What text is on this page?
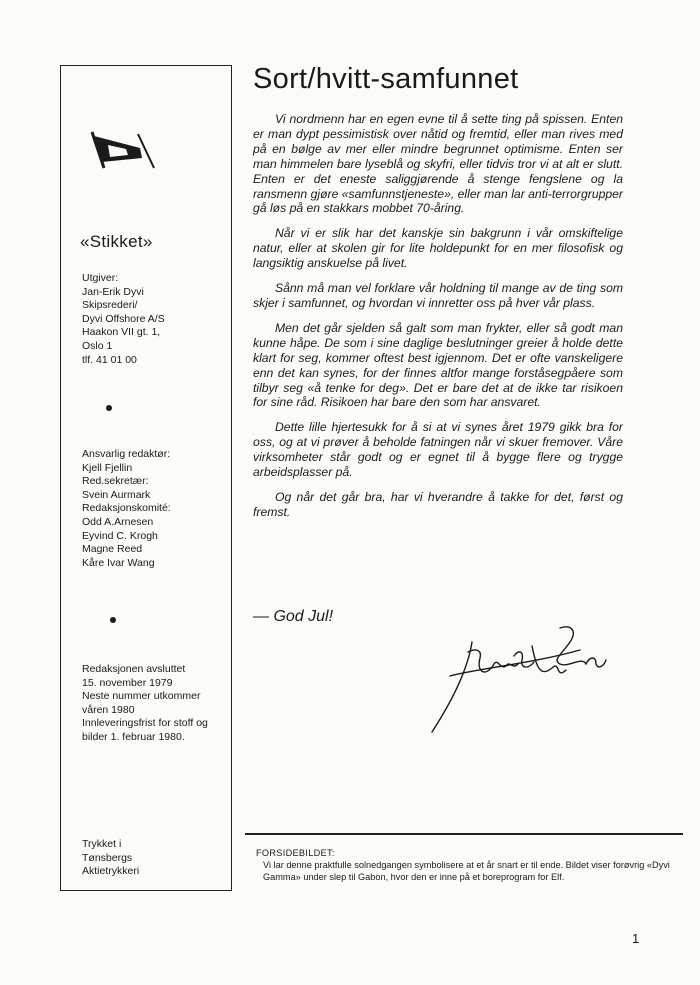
«Stikket»
Utgiver:
Jan-Erik Dyvi
Skipsrederi/
Dyvi Offshore A/S
Haakon VII gt. 1,
Oslo 1
tlf. 41 01 00
Ansvarlig redaktør:
Kjell Fjellin
Red.sekretær:
Svein Aurmark
Redaksjonskomité:
Odd A.Arnesen
Eyvind C. Krogh
Magne Reed
Kåre Ivar Wang
Redaksjonen avsluttet
15. november 1979
Neste nummer utkommer
våren 1980
Innleveringsfrist for stoff og
bilder 1. februar 1980.
Trykket i
Tønsbergs
Aktietrykkeri
Sort/hvitt-samfunnet

Vi nordmenn har en egen evne til å sette ting på spissen. Enten er man dypt pessimistisk over nåtid og fremtid, eller man rives med på en bølge av mer eller mindre begrunnet optimisme. Enten ser man himmelen bare lyseblå og skyfri, eller tidvis tror vi at alt er slutt. Enten er det eneste saliggjørende å stenge fengslene og la ransmenn gjøre «samfunnstjeneste», eller man lar anti-terrorgrupper gå løs på en stakkars mobbet 70-åring.

Når vi er slik har det kanskje sin bakgrunn i vår omskiftelige natur, eller at skolen gir for lite holdepunkt for en mer filosofisk og langsiktig anskuelse på livet.

Sånn må man vel forklare vår holdning til mange av de ting som skjer i samfunnet, og hvordan vi innretter oss på hver vår plass.

Men det går sjelden så galt som man frykter, eller så godt man kunne håpe. De som i sine daglige beslutninger greier å holde dette klart for seg, kommer oftest best igjennom. Det er ofte vanskeligere enn det kan synes, for der finnes altfor mange forståsegpåere som tilbyr seg «å tenke for deg». Det er bare det at de ikke tar risikoen for sine råd. Risikoen har bare den som har ansvaret.

Dette lille hjertesukk for å si at vi synes året 1979 gikk bra for oss, og at vi prøver å beholde fatningen når vi skuer fremover. Våre virksomheter står godt og er egnet til å bygge flere og trygge arbeidsplasser på.

Og når det går bra, har vi hverandre å takke for det, først og fremst.

— God Jul!
FORSIDEBILDET:
Vi lar denne praktfulle solnedgangen symbolisere at et år snart er til ende. Bildet viser forøvrig «Dyvi Gamma» under slep til Gabon, hvor den er inne på et boreprogram for Elf.
1
